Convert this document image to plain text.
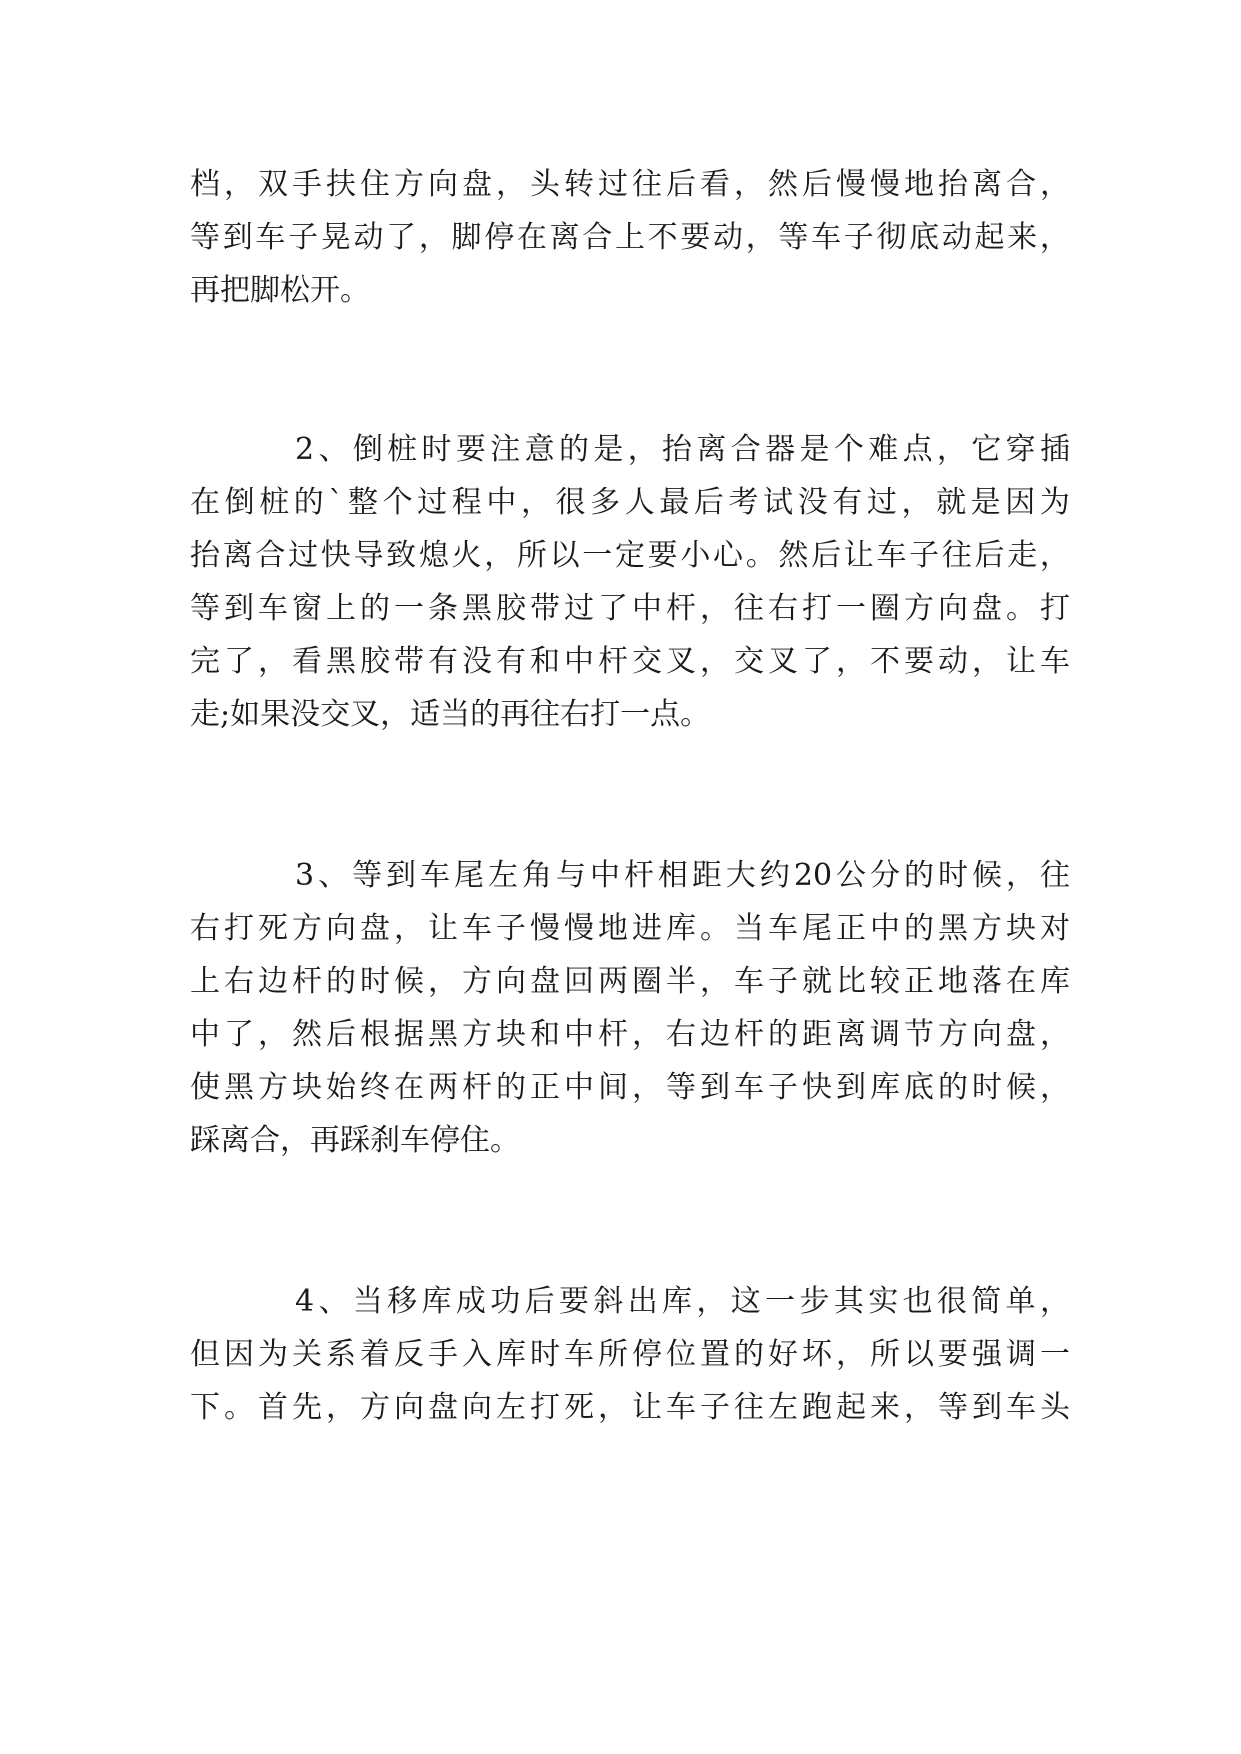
档 ， 双 手 扶 住 方 向 盘 ， 头 转 过 往 后 看 ， 然 后 慢 慢 地 抬 离 合 ，
等 到 车 子 晃 动 了 ， 脚 停 在 离 合 上 不 要 动 ， 等 车 子 彻 底 动 起 来 ，
再把脚松开。
2 、 倒 桩 时 要 注 意 的 是 ， 抬 离 合 器 是 个 难 点 ， 它 穿 插
在 倒 桩 的 ` 整 个 过 程 中 ， 很 多 人 最 后 考 试 没 有 过 ， 就 是 因 为
抬 离 合 过 快 导 致 熄 火 ， 所 以 一 定 要 小 心 。 然 后 让 车 子 往 后 走 ，
等 到 车 窗 上 的 一 条 黑 胶 带 过 了 中 杆 ， 往 右 打 一 圈 方 向 盘 。 打
完 了 ， 看 黑 胶 带 有 没 有 和 中 杆 交 叉 ， 交 叉 了 ， 不 要 动 ， 让 车
走;如果没交叉，适当的再往右打一点。
3 、 等 到 车 尾 左 角 与 中 杆 相 距 大 约 20 公 分 的 时 候 ， 往
右 打 死 方 向 盘 ， 让 车 子 慢 慢 地 进 库 。 当 车 尾 正 中 的 黑 方 块 对
上 右 边 杆 的 时 候 ， 方 向 盘 回 两 圈 半 ， 车 子 就 比 较 正 地 落 在 库
中 了 ， 然 后 根 据 黑 方 块 和 中 杆 ， 右 边 杆 的 距 离 调 节 方 向 盘 ，
使 黑 方 块 始 终 在 两 杆 的 正 中 间 ， 等 到 车 子 快 到 库 底 的 时 候 ，
踩离合，再踩刹车停住。
4 、 当 移 库 成 功 后 要 斜 出 库 ， 这 一 步 其 实 也 很 简 单 ，
但 因 为 关 系 着 反 手 入 库 时 车 所 停 位 置 的 好 坏 ， 所 以 要 强 调 一
下 。 首 先 ， 方 向 盘 向 左 打 死 ， 让 车 子 往 左 跑 起 来 ， 等 到 车 头
